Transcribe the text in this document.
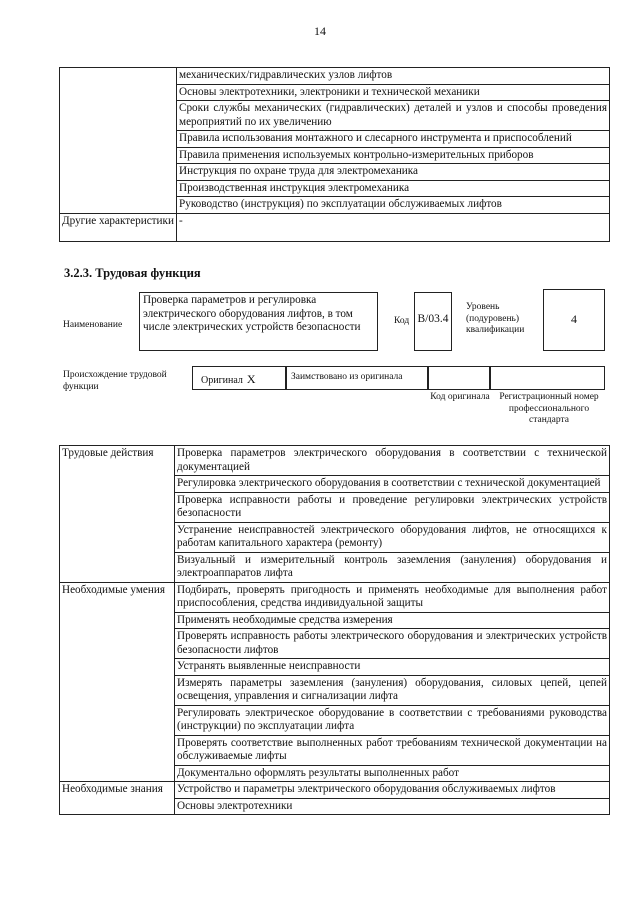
14
	механических/гидравлических узлов лифтов
	Основы электротехники, электроники и технической механики
	Сроки службы механических (гидравлических) деталей и узлов и способы проведения мероприятий по их увеличению
	Правила использования монтажного и слесарного инструмента и приспособлений
	Правила применения используемых контрольно-измерительных приборов
	Инструкция по охране труда для электромеханика
	Производственная инструкция электромеханика
	Руководство (инструкция) по эксплуатации обслуживаемых лифтов
Другие характеристики	-
3.2.3. Трудовая функция
Наименование
Проверка параметров и регулировка электрического оборудования лифтов, в том числе электрических устройств безопасности	Код B/03.4
Уровень (подуровень) квалификации
4
Происхождение трудовой функции
Оригинал X	Заимствовано из оригинала
Код оригинала	Регистрационный номер профессионального стандарта
Трудовые действия	Проверка параметров электрического оборудования в соответствии с технической документацией
	Регулировка электрического оборудования в соответствии с технической документацией
	Проверка исправности работы и проведение регулировки электрических устройств безопасности
	Устранение неисправностей электрического оборудования лифтов, не относящихся к работам капитального характера (ремонту)
	Визуальный и измерительный контроль заземления (зануления) оборудования и электроаппаратов лифта
Необходимые умения	Подбирать, проверять пригодность и применять необходимые для выполнения работ приспособления, средства индивидуальной защиты
	Применять необходимые средства измерения
	Проверять исправность работы электрического оборудования и электрических устройств безопасности лифтов
	Устранять выявленные неисправности
	Измерять параметры заземления (зануления) оборудования, силовых цепей, цепей освещения, управления и сигнализации лифта
	Регулировать электрическое оборудование в соответствии с требованиями руководства (инструкции) по эксплуатации лифта
	Проверять соответствие выполненных работ требованиям технической документации на обслуживаемые лифты
	Документально оформлять результаты выполненных работ
Необходимые знания	Устройство и параметры электрического оборудования обслуживаемых лифтов
	Основы электротехники
